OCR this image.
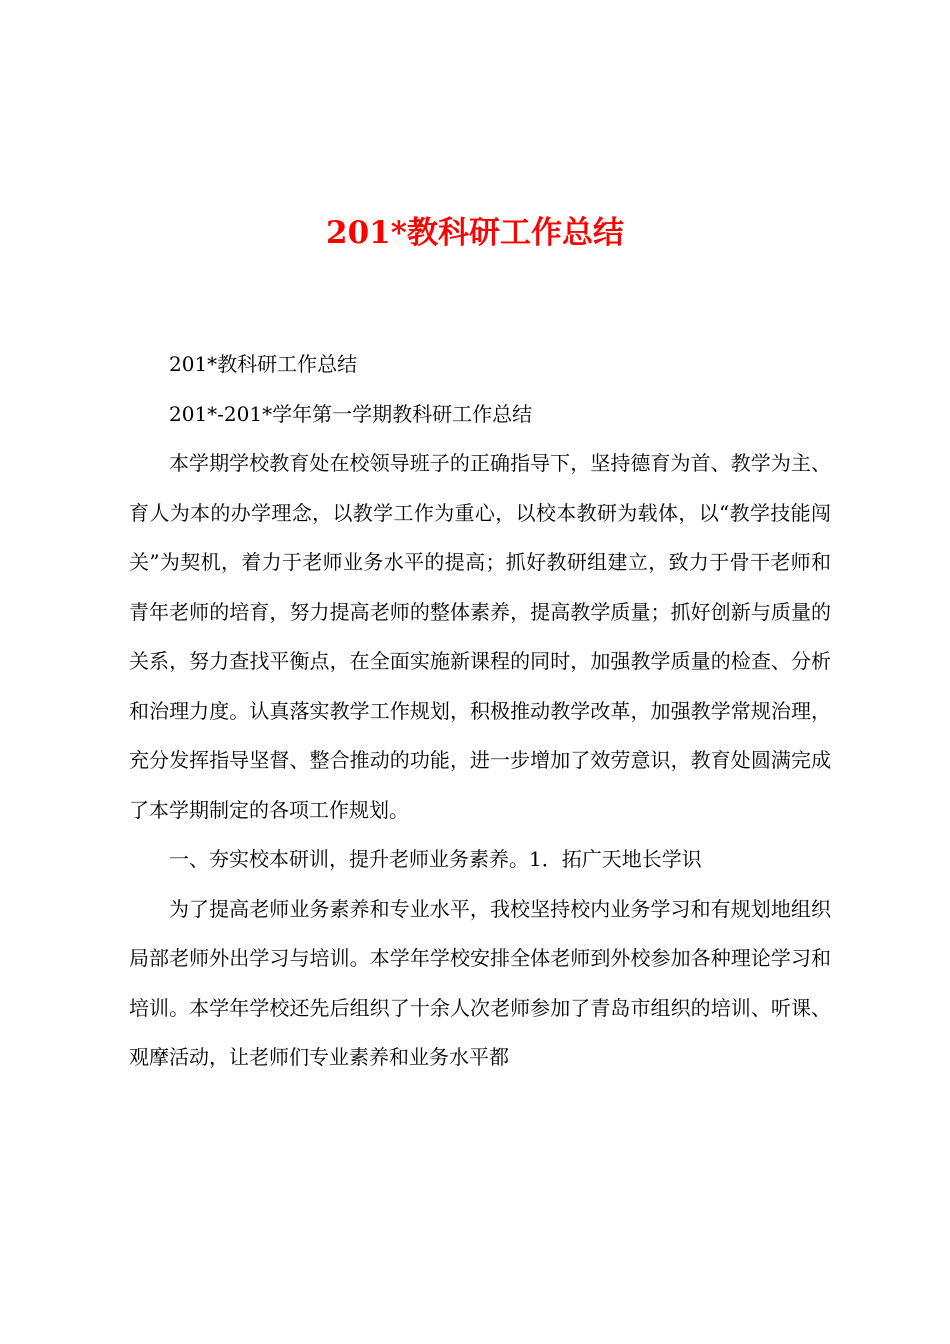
201*教科研工作总结

201*教科研工作总结

201*-201*学年第一学期教科研工作总结

本学期学校教育处在校领导班子的正确指导下，坚持德育为首、教学为主、育人为本的办学理念，以教学工作为重心，以校本教研为载体，以“教学技能闯关”为契机，着力于老师业务水平的提高；抓好教研组建立，致力于骨干老师和青年老师的培育，努力提高老师的整体素养，提高教学质量；抓好创新与质量的关系，努力查找平衡点，在全面实施新课程的同时，加强教学质量的检查、分析和治理力度。认真落实教学工作规划，积极推动教学改革，加强教学常规治理，充分发挥指导坚督、整合推动的功能，进一步增加了效劳意识，教育处圆满完成了本学期制定的各项工作规划。

一、夯实校本研训，提升老师业务素养。1．拓广天地长学识

为了提高老师业务素养和专业水平，我校坚持校内业务学习和有规划地组织局部老师外出学习与培训。本学年学校安排全体老师到外校参加各种理论学习和培训。本学年学校还先后组织了十余人次老师参加了青岛市组织的培训、听课、观摩活动，让老师们专业素养和业务水平都
